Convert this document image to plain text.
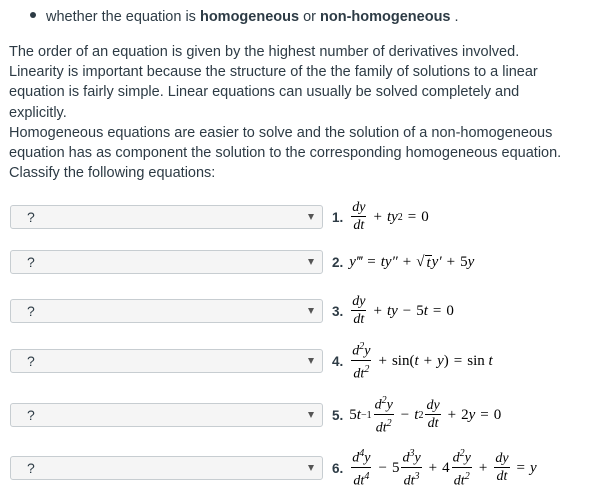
whether the equation is homogeneous or non-homogeneous .

The order of an equation is given by the highest number of derivatives involved.

Linearity is important because the structure of the the family of solutions to a linear

equation is fairly simple. Linear equations can usually be solved completely and

explicitly.

Homogeneous equations are easier to solve and the solution of a non-homogeneous

equation has as component the solution to the corresponding homogeneous equation.

Classify the following equations:

?	1. $\frac{dy}{dt}$ + ty 2 = 0
?	2. y‴ = ty″ + √ t y′ + 5 y
?	3. $\frac{dy}{dt}$ + ty − 5 t = 0
?	4. $\frac{d^2y}{dt^2} + \sin$( t + y ) = sin t
?	5. 5 $t -1 \frac{d^2y}{dt^2} - t$ $2 \frac{dy}{dt} + 2$ y = 0
?	6. $\frac{d^4y}{dt^4} - 5 \frac{d^3y}{dt^3} + 4 \frac{d^2y}{dt^2} + \frac{dy}{dt} = y$
